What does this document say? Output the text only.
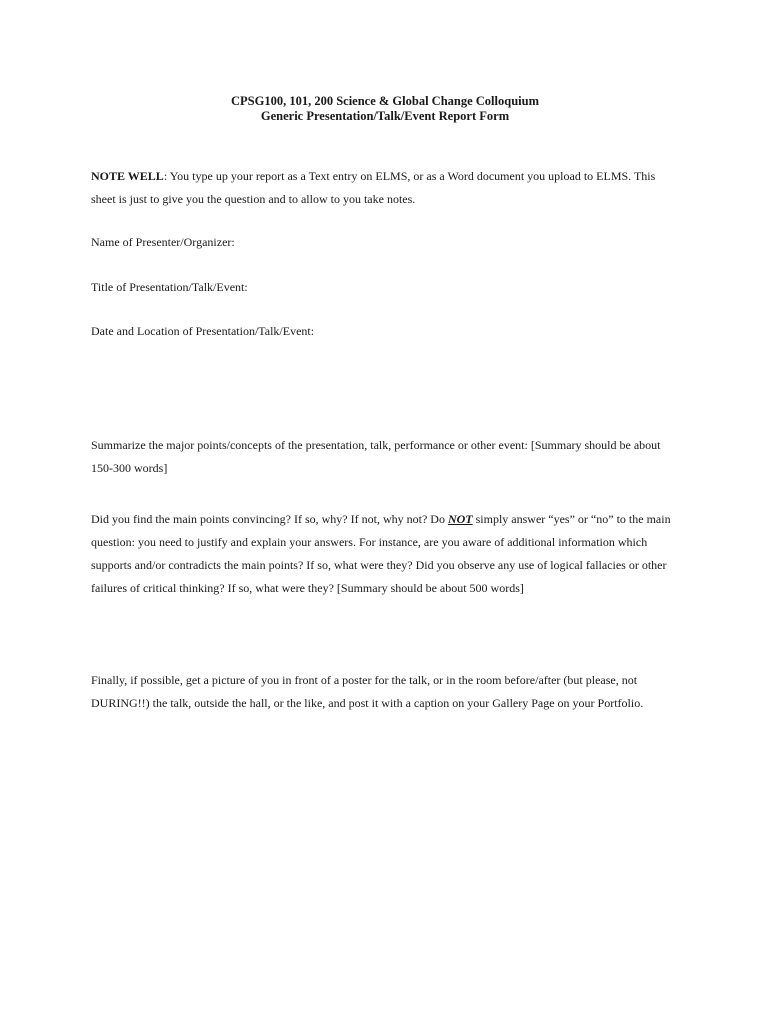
CPSG100, 101, 200 Science & Global Change Colloquium
Generic Presentation/Talk/Event Report Form

NOTE WELL: You type up your report as a Text entry on ELMS, or as a Word document you upload to ELMS. This sheet is just to give you the question and to allow to you take notes.

Name of Presenter/Organizer:

Title of Presentation/Talk/Event:

Date and Location of Presentation/Talk/Event:

Summarize the major points/concepts of the presentation, talk, performance or other event: [Summary should be about 150-300 words]

Did you find the main points convincing? If so, why? If not, why not? Do NOT simply answer “yes” or “no” to the main question: you need to justify and explain your answers. For instance, are you aware of additional information which supports and/or contradicts the main points? If so, what were they? Did you observe any use of logical fallacies or other failures of critical thinking? If so, what were they? [Summary should be about 500 words]

Finally, if possible, get a picture of you in front of a poster for the talk, or in the room before/after (but please, not DURING!!) the talk, outside the hall, or the like, and post it with a caption on your Gallery Page on your Portfolio.
